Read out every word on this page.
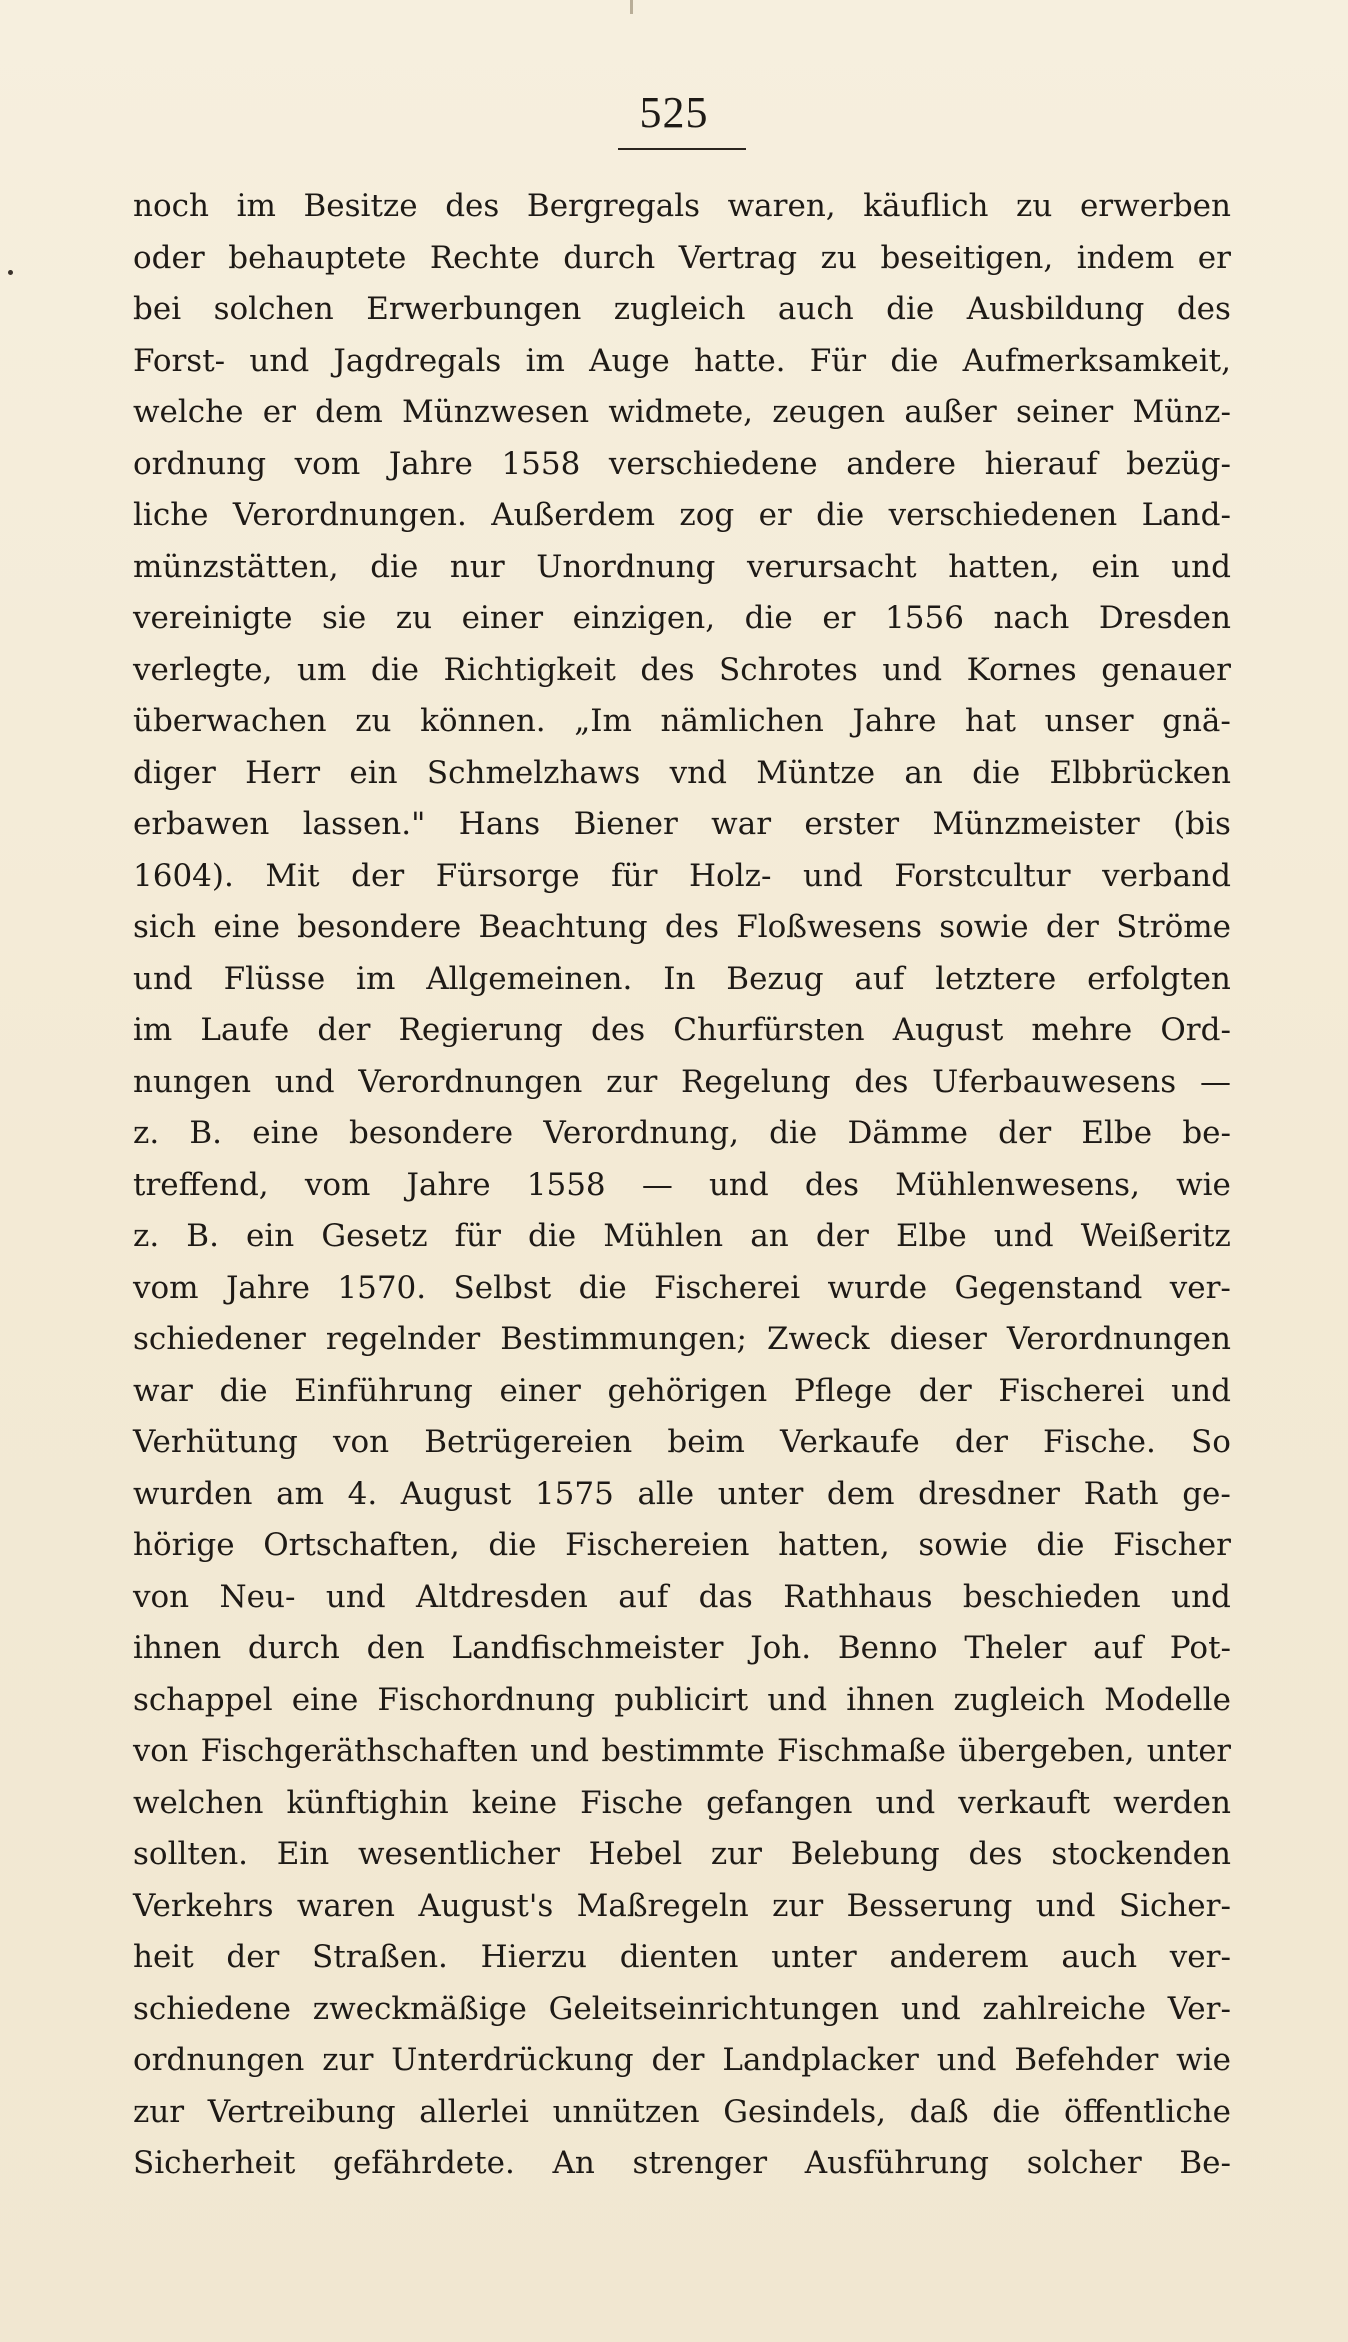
525
noch im Besitze des Bergregals waren, käuflich zu erwerben
oder behauptete Rechte durch Vertrag zu beseitigen, indem er
bei solchen Erwerbungen zugleich auch die Ausbildung des
Forst- und Jagdregals im Auge hatte. Für die Aufmerksamkeit,
welche er dem Münzwesen widmete, zeugen außer seiner Münz-
ordnung vom Jahre 1558 verschiedene andere hierauf bezüg-
liche Verordnungen. Außerdem zog er die verschiedenen Land-
münzstätten, die nur Unordnung verursacht hatten, ein und
vereinigte sie zu einer einzigen, die er 1556 nach Dresden
verlegte, um die Richtigkeit des Schrotes und Kornes genauer
überwachen zu können. „Im nämlichen Jahre hat unser gnä-
diger Herr ein Schmelzhaws vnd Müntze an die Elbbrücken
erbawen lassen." Hans Biener war erster Münzmeister (bis
1604). Mit der Fürsorge für Holz- und Forstcultur verband
sich eine besondere Beachtung des Floßwesens sowie der Ströme
und Flüsse im Allgemeinen. In Bezug auf letztere erfolgten
im Laufe der Regierung des Churfürsten August mehre Ord-
nungen und Verordnungen zur Regelung des Uferbauwesens —
z. B. eine besondere Verordnung, die Dämme der Elbe be-
treffend, vom Jahre 1558 — und des Mühlenwesens, wie
z. B. ein Gesetz für die Mühlen an der Elbe und Weißeritz
vom Jahre 1570. Selbst die Fischerei wurde Gegenstand ver-
schiedener regelnder Bestimmungen; Zweck dieser Verordnungen
war die Einführung einer gehörigen Pflege der Fischerei und
Verhütung von Betrügereien beim Verkaufe der Fische. So
wurden am 4. August 1575 alle unter dem dresdner Rath ge-
hörige Ortschaften, die Fischereien hatten, sowie die Fischer
von Neu- und Altdresden auf das Rathhaus beschieden und
ihnen durch den Landfischmeister Joh. Benno Theler auf Pot-
schappel eine Fischordnung publicirt und ihnen zugleich Modelle
von Fischgeräthschaften und bestimmte Fischmaße übergeben, unter
welchen künftighin keine Fische gefangen und verkauft werden
sollten. Ein wesentlicher Hebel zur Belebung des stockenden
Verkehrs waren August's Maßregeln zur Besserung und Sicher-
heit der Straßen. Hierzu dienten unter anderem auch ver-
schiedene zweckmäßige Geleitseinrichtungen und zahlreiche Ver-
ordnungen zur Unterdrückung der Landplacker und Befehder wie
zur Vertreibung allerlei unnützen Gesindels, daß die öffentliche
Sicherheit gefährdete. An strenger Ausführung solcher Be-
